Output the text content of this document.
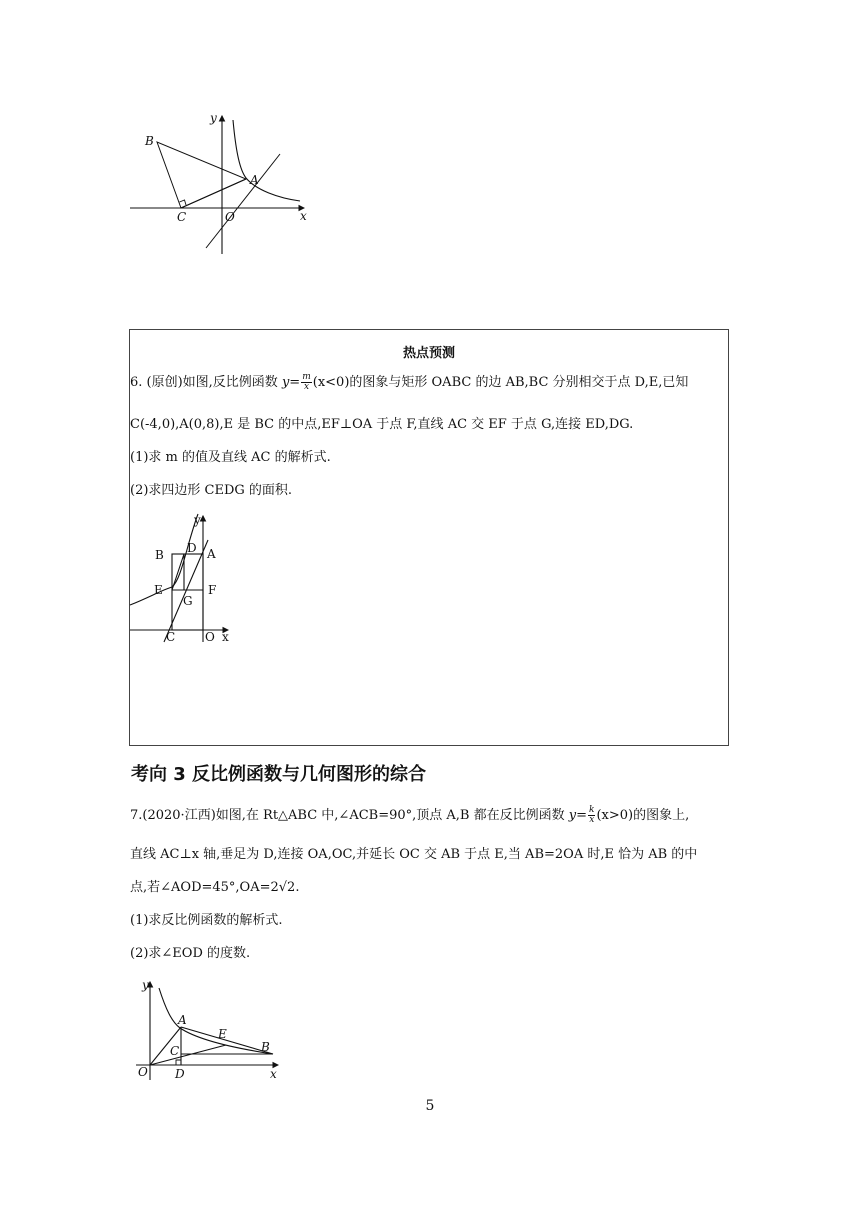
B
y
A
C	O	x
热点预测
6. (原创)如图,反比例函数 $y= \frac{m}{x} (x<0)$的图象与矩形 OABC 的边 AB,BC 分别相交于点 D,E,已知
C(-4,0),A(0,8),E 是 BC 的中点,EF⊥OA 于点 F,直线 AC 交 EF 于点 G,连接 ED,DG.
(1)求 m 的值及直线 AC 的解析式.
(2)求四边形 CEDG 的面积.
y
B D A
E	F
G
C O x
考向 3 反比例函数与几何图形的综合
7.(2020·江西)如图,在 Rt△ABC 中,∠ACB=90°,顶点 A,B 都在反比例函数 $y= \frac{k}{x} (x>0)$的图象上,
直线 AC⊥x 轴,垂足为 D,连接 OA,OC,并延长 OC 交 AB 于点 E,当 AB=2OA 时,E 恰为 AB 的中
点,若∠AOD=45°,OA=2√2.
(1)求反比例函数的解析式.
(2)求∠EOD 的度数.
y
A
E
C	B
O D	x
5
